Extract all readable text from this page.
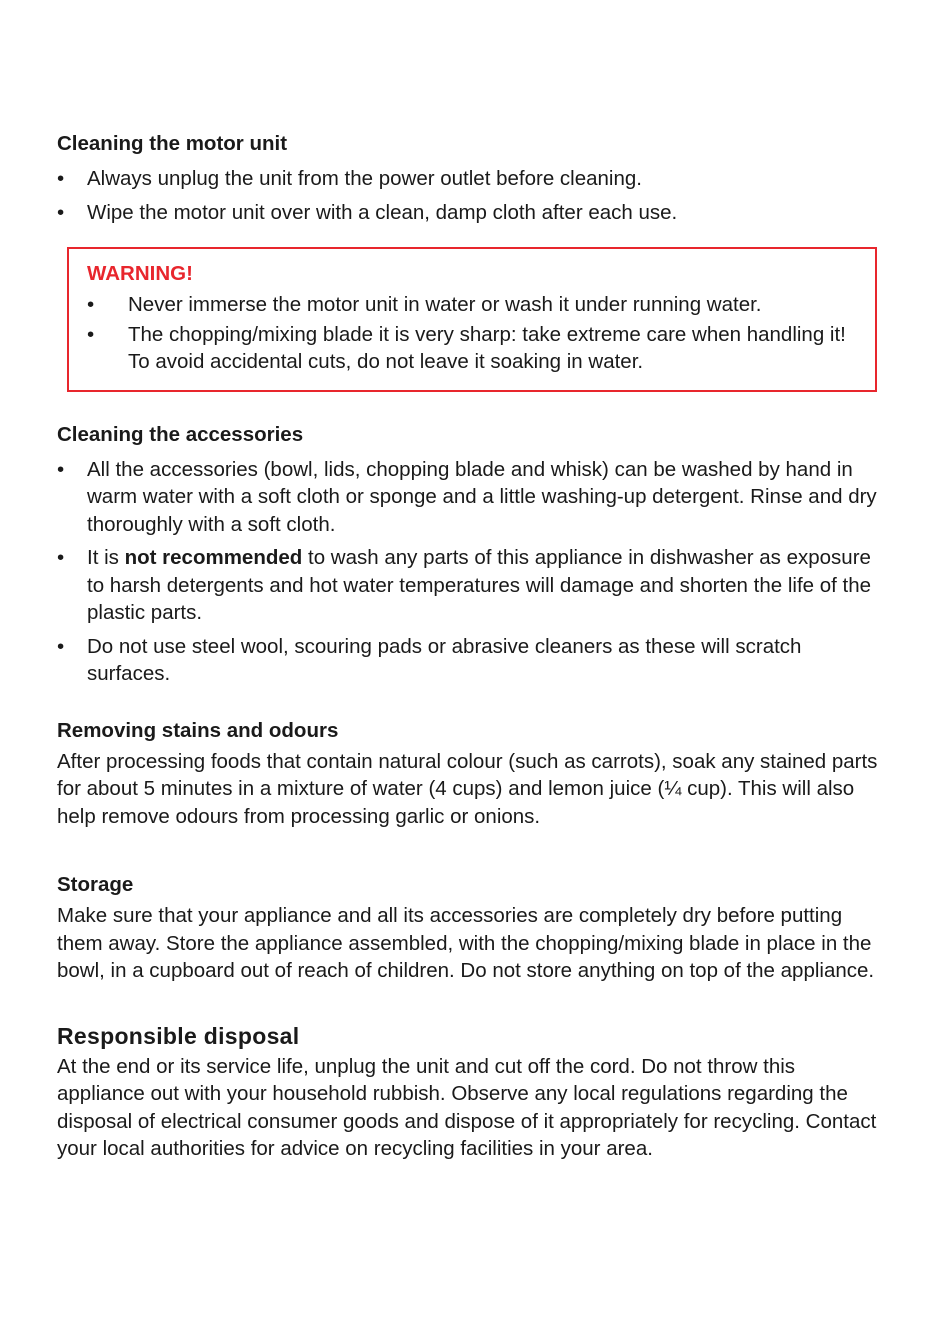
Cleaning the motor unit
• Always unplug the unit from the power outlet before cleaning.
• Wipe the motor unit over with a clean, damp cloth after each use.
WARNING!
• Never immerse the motor unit in water or wash it under running water.
• The chopping/mixing blade it is very sharp: take extreme care when handling it! To avoid accidental cuts, do not leave it soaking in water.
Cleaning the accessories
• All the accessories (bowl, lids, chopping blade and whisk) can be washed by hand in warm water with a soft cloth or sponge and a little washing-up detergent. Rinse and dry thoroughly with a soft cloth.
• It is not recommended to wash any parts of this appliance in dishwasher as exposure to harsh detergents and hot water temperatures will damage and shorten the life of the plastic parts.
• Do not use steel wool, scouring pads or abrasive cleaners as these will scratch surfaces.
Removing stains and odours

After processing foods that contain natural colour (such as carrots), soak any stained parts for about 5 minutes in a mixture of water (4 cups) and lemon juice (¼ cup). This will also help remove odours from processing garlic or onions.

Storage

Make sure that your appliance and all its accessories are completely dry before putting them away. Store the appliance assembled, with the chopping/mixing blade in place in the bowl, in a cupboard out of reach of children. Do not store anything on top of the appliance.

Responsible disposal

At the end or its service life, unplug the unit and cut off the cord. Do not throw this appliance out with your household rubbish. Observe any local regulations regarding the disposal of electrical consumer goods and dispose of it appropriately for recycling. Contact your local authorities for advice on recycling facilities in your area.
